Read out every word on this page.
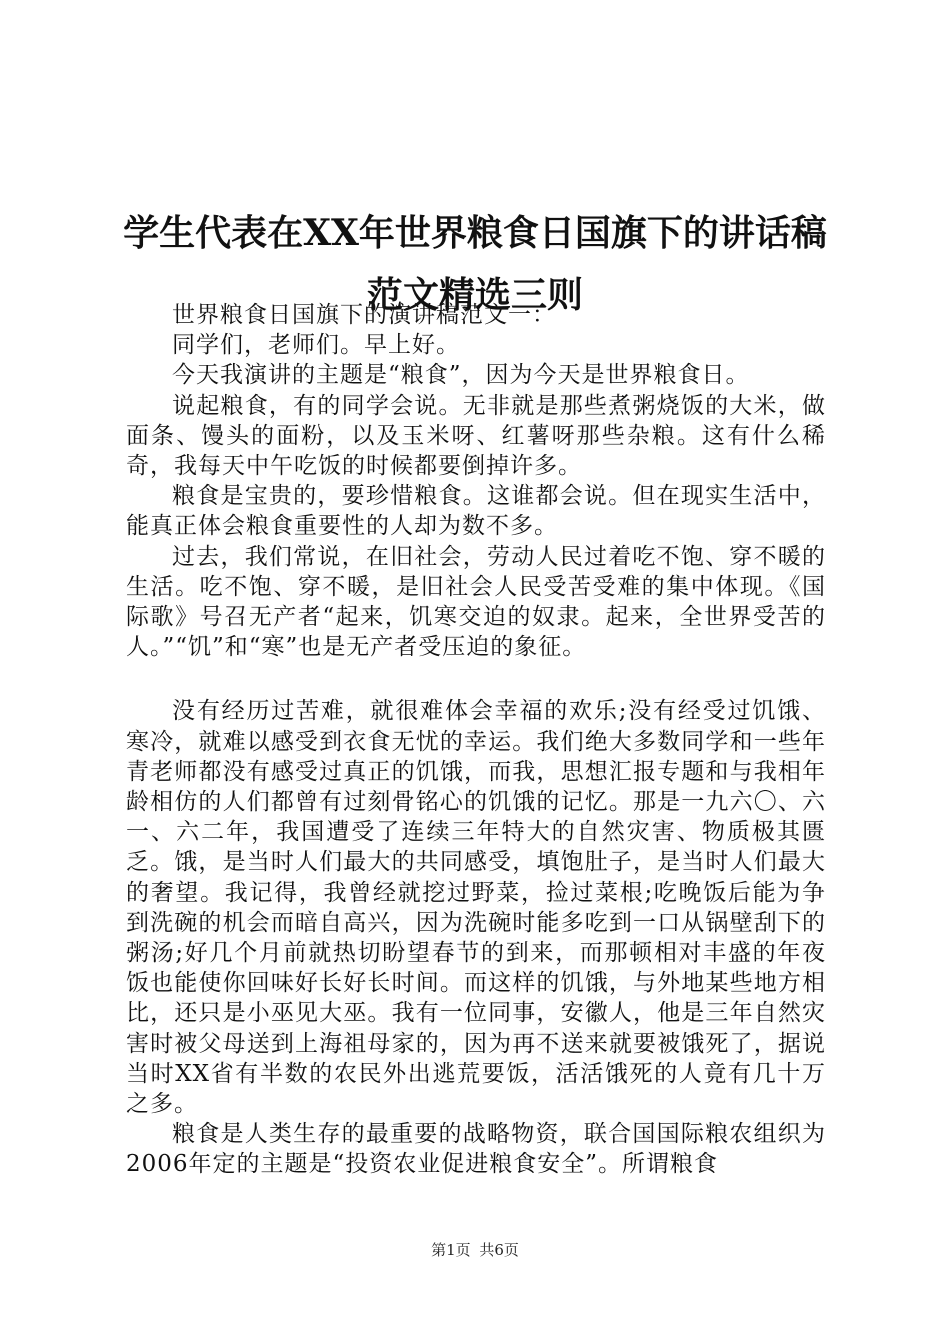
学生代表在XX年世界粮食日国旗下的讲话稿
范文精选三则

世界粮食日国旗下的演讲稿范文一：

同学们，老师们。早上好。

今天我演讲的主题是“粮食”，因为今天是世界粮食日。

说起粮食，有的同学会说。无非就是那些煮粥烧饭的大米，做面条、馒头的面粉，以及玉米呀、红薯呀那些杂粮。这有什么稀奇，我每天中午吃饭的时候都要倒掉许多。

粮食是宝贵的，要珍惜粮食。这谁都会说。但在现实生活中，能真正体会粮食重要性的人却为数不多。

过去，我们常说，在旧社会，劳动人民过着吃不饱、穿不暖的生活。吃不饱、穿不暖，是旧社会人民受苦受难的集中体现。《国际歌》号召无产者“起来，饥寒交迫的奴隶。起来，全世界受苦的人。”“饥”和“寒”也是无产者受压迫的象征。

没有经历过苦难，就很难体会幸福的欢乐;没有经受过饥饿、寒冷，就难以感受到衣食无忧的幸运。我们绝大多数同学和一些年青老师都没有感受过真正的饥饿，而我，思想汇报专题和与我相年龄相仿的人们都曾有过刻骨铭心的饥饿的记忆。那是一九六〇、六一、六二年，我国遭受了连续三年特大的自然灾害、物质极其匮乏。饿，是当时人们最大的共同感受，填饱肚子，是当时人们最大的奢望。我记得，我曾经就挖过野菜，捡过菜根;吃晚饭后能为争到洗碗的机会而暗自高兴，因为洗碗时能多吃到一口从锅壁刮下的粥汤;好几个月前就热切盼望春节的到来，而那顿相对丰盛的年夜饭也能使你回味好长好长时间。而这样的饥饿，与外地某些地方相比，还只是小巫见大巫。我有一位同事，安徽人，他是三年自然灾害时被父母送到上海祖母家的，因为再不送来就要被饿死了，据说当时XX省有半数的农民外出逃荒要饭，活活饿死的人竟有几十万之多。

粮食是人类生存的最重要的战略物资，联合国国际粮农组织为2006年定的主题是“投资农业促进粮食安全”。所谓粮食

第1页 共6页
